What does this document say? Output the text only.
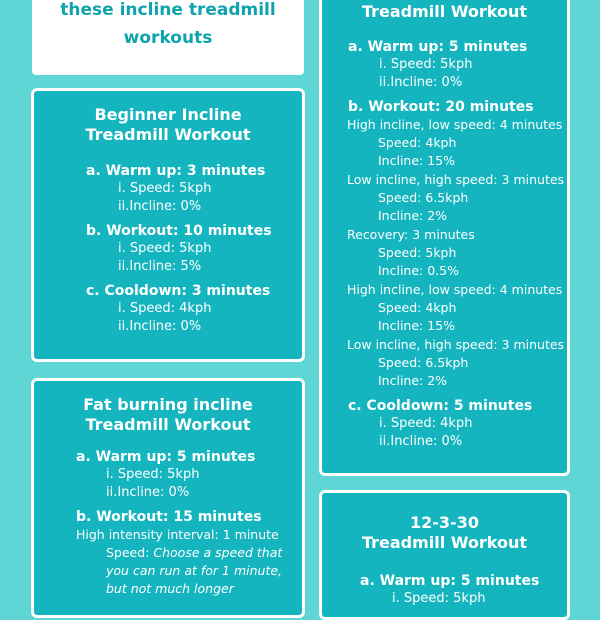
these incline treadmill

workouts

Beginner Incline

Treadmill Workout

a. Warm up: 3 minutes
i. Speed: 5kph
ii.Incline: 0%
b. Workout: 10 minutes
i. Speed: 5kph
ii.Incline: 5%
c. Cooldown: 3 minutes
i. Speed: 4kph
ii.Incline: 0%

Fat burning incline

Treadmill Workout

a. Warm up: 5 minutes
i. Speed: 5kph
ii.Incline: 0%
b. Workout: 15 minutes
High intensity interval: 1 minute
Speed: Choose a speed that
you can run at for 1 minute,
but not much longer

Treadmill Workout

a. Warm up: 5 minutes
i. Speed: 5kph
ii.Incline: 0%
b. Workout: 20 minutes
High incline, low speed: 4 minutes
Speed: 4kph
Incline: 15%
Low incline, high speed: 3 minutes
Speed: 6.5kph
Incline: 2%
Recovery: 3 minutes
Speed: 5kph
Incline: 0.5%
High incline, low speed: 4 minutes
Speed: 4kph
Incline: 15%
Low incline, high speed: 3 minutes
Speed: 6.5kph
Incline: 2%
c. Cooldown: 5 minutes
i. Speed: 4kph
ii.Incline: 0%

12-3-30

Treadmill Workout

a. Warm up: 5 minutes
i. Speed: 5kph
